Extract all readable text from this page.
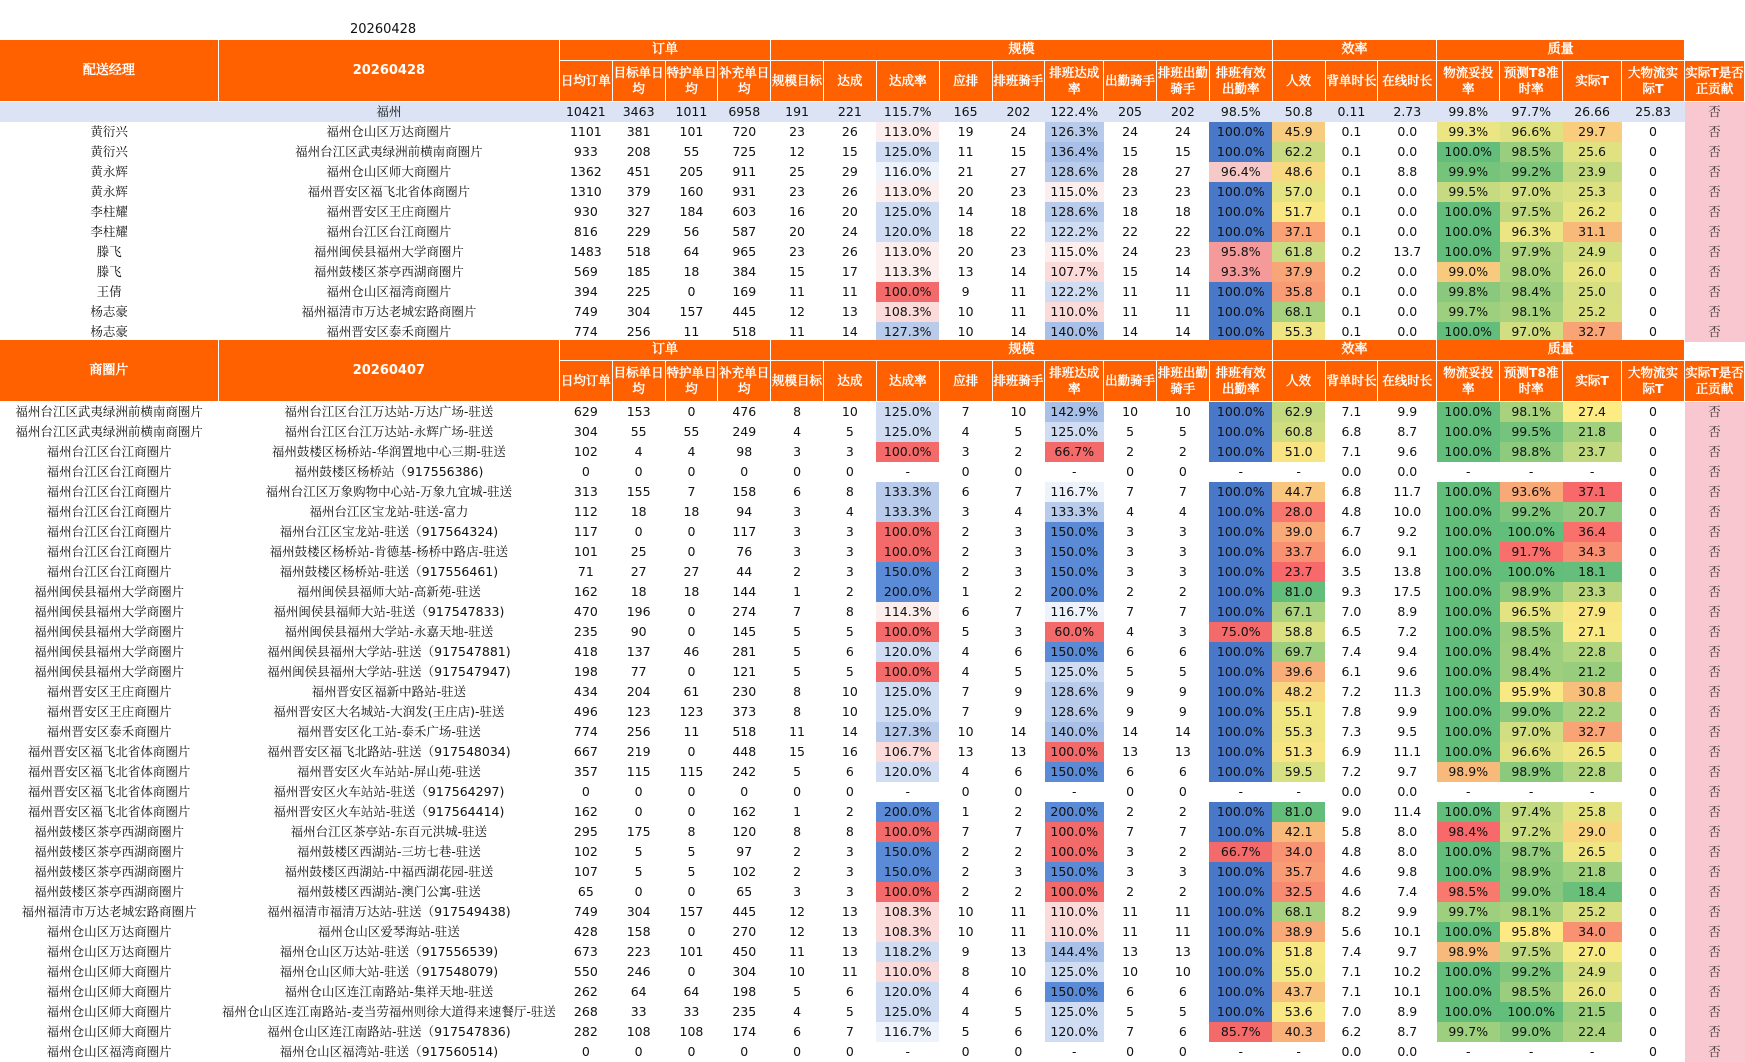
20260428
配送经理	20260428	订单				规模									效率			质量				
		日均订单	目标单日均	特护单日均	补充单日均	规模目标	达成	达成率	应排	排班骑手	排班达成率	出勤骑手	排班出勤骑手	排班有效出勤率	人效	背单时长	在线时长	物流妥投率	预测T8准时率	实际T	大物流实际T	实际T是否正贡献
	福州	10421	3463	1011	6958	191	221	115.7%	165	202	122.4%	205	202	98.5%	50.8	0.11	2.73	99.8%	97.7%	26.66	25.83	否
黄衍兴	福州仓山区万达商圈片	1101	381	101	720	23	26	113.0%	19	24	126.3%	24	24	100.0%	45.9	0.1	0.0	99.3%	96.6%	29.7	0	否
黄衍兴	福州台江区武夷绿洲前横南商圈片	933	208	55	725	12	15	125.0%	11	15	136.4%	15	15	100.0%	62.2	0.1	0.0	100.0%	98.5%	25.6	0	否
黄永辉	福州仓山区师大商圈片	1362	451	205	911	25	29	116.0%	21	27	128.6%	28	27	96.4%	48.6	0.1	8.8	99.9%	99.2%	23.9	0	否
黄永辉	福州晋安区福飞北省体商圈片	1310	379	160	931	23	26	113.0%	20	23	115.0%	23	23	100.0%	57.0	0.1	0.0	99.5%	97.0%	25.3	0	否
李柱耀	福州晋安区王庄商圈片	930	327	184	603	16	20	125.0%	14	18	128.6%	18	18	100.0%	51.7	0.1	0.0	100.0%	97.5%	26.2	0	否
李柱耀	福州台江区台江商圈片	816	229	56	587	20	24	120.0%	18	22	122.2%	22	22	100.0%	37.1	0.1	0.0	100.0%	96.3%	31.1	0	否
滕飞	福州闽侯县福州大学商圈片	1483	518	64	965	23	26	113.0%	20	23	115.0%	24	23	95.8%	61.8	0.2	13.7	100.0%	97.9%	24.9	0	否
滕飞	福州鼓楼区茶亭西湖商圈片	569	185	18	384	15	17	113.3%	13	14	107.7%	15	14	93.3%	37.9	0.2	0.0	99.0%	98.0%	26.0	0	否
王倩	福州仓山区福湾商圈片	394	225	0	169	11	11	100.0%	9	11	122.2%	11	11	100.0%	35.8	0.1	0.0	99.8%	98.4%	25.0	0	否
杨志豪	福州福清市万达老城宏路商圈片	749	304	157	445	12	13	108.3%	10	11	110.0%	11	11	100.0%	68.1	0.1	0.0	99.7%	98.1%	25.2	0	否
杨志豪	福州晋安区泰禾商圈片	774	256	11	518	11	14	127.3%	10	14	140.0%	14	14	100.0%	55.3	0.1	0.0	100.0%	97.0%	32.7	0	否
商圈片	20260407	订单				规模									效率			质量				
		日均订单	目标单日均	特护单日均	补充单日均	规模目标	达成	达成率	应排	排班骑手	排班达成率	出勤骑手	排班出勤骑手	排班有效出勤率	人效	背单时长	在线时长	物流妥投率	预测T8准时率	实际T	大物流实际T	实际T是否正贡献
福州台江区武夷绿洲前横南商圈片	福州台江区台江万达站-万达广场-驻送	629	153	0	476	8	10	125.0%	7	10	142.9%	10	10	100.0%	62.9	7.1	9.9	100.0%	98.1%	27.4	0	否
福州台江区武夷绿洲前横南商圈片	福州台江区台江万达站-永辉广场-驻送	304	55	55	249	4	5	125.0%	4	5	125.0%	5	5	100.0%	60.8	6.8	8.7	100.0%	99.5%	21.8	0	否
福州台江区台江商圈片	福州鼓楼区杨桥站-华润置地中心三期-驻送	102	4	4	98	3	3	100.0%	3	2	66.7%	2	2	100.0%	51.0	7.1	9.6	100.0%	98.8%	23.7	0	否
福州台江区台江商圈片	福州鼓楼区杨桥站（917556386)	0	0	0	0	0	0	-	0	0	-	0	0	-	-	0.0	0.0	-	-	-	0	否
福州台江区台江商圈片	福州台江区万象购物中心站-万象九宜城-驻送	313	155	7	158	6	8	133.3%	6	7	116.7%	7	7	100.0%	44.7	6.8	11.7	100.0%	93.6%	37.1	0	否
福州台江区台江商圈片	福州台江区宝龙站-驻送-富力	112	18	18	94	3	4	133.3%	3	4	133.3%	4	4	100.0%	28.0	4.8	10.0	100.0%	99.2%	20.7	0	否
福州台江区台江商圈片	福州台江区宝龙站-驻送（917564324)	117	0	0	117	3	3	100.0%	2	3	150.0%	3	3	100.0%	39.0	6.7	9.2	100.0%	100.0%	36.4	0	否
福州台江区台江商圈片	福州鼓楼区杨桥站-肯德基-杨桥中路店-驻送	101	25	0	76	3	3	100.0%	2	3	150.0%	3	3	100.0%	33.7	6.0	9.1	100.0%	91.7%	34.3	0	否
福州台江区台江商圈片	福州鼓楼区杨桥站-驻送（917556461)	71	27	27	44	2	3	150.0%	2	3	150.0%	3	3	100.0%	23.7	3.5	13.8	100.0%	100.0%	18.1	0	否
福州闽侯县福州大学商圈片	福州闽侯县福师大站-高新苑-驻送	162	18	18	144	1	2	200.0%	1	2	200.0%	2	2	100.0%	81.0	9.3	17.5	100.0%	98.9%	23.3	0	否
福州闽侯县福州大学商圈片	福州闽侯县福师大站-驻送（917547833)	470	196	0	274	7	8	114.3%	6	7	116.7%	7	7	100.0%	67.1	7.0	8.9	100.0%	96.5%	27.9	0	否
福州闽侯县福州大学商圈片	福州闽侯县福州大学站-永嘉天地-驻送	235	90	0	145	5	5	100.0%	5	3	60.0%	4	3	75.0%	58.8	6.5	7.2	100.0%	98.5%	27.1	0	否
福州闽侯县福州大学商圈片	福州闽侯县福州大学站-驻送（917547881)	418	137	46	281	5	6	120.0%	4	6	150.0%	6	6	100.0%	69.7	7.4	9.4	100.0%	98.4%	22.8	0	否
福州闽侯县福州大学商圈片	福州闽侯县福州大学站-驻送（917547947)	198	77	0	121	5	5	100.0%	4	5	125.0%	5	5	100.0%	39.6	6.1	9.6	100.0%	98.4%	21.2	0	否
福州晋安区王庄商圈片	福州晋安区福新中路站-驻送	434	204	61	230	8	10	125.0%	7	9	128.6%	9	9	100.0%	48.2	7.2	11.3	100.0%	95.9%	30.8	0	否
福州晋安区王庄商圈片	福州晋安区大名城站-大润发(王庄店)-驻送	496	123	123	373	8	10	125.0%	7	9	128.6%	9	9	100.0%	55.1	7.8	9.9	100.0%	99.0%	22.2	0	否
福州晋安区泰禾商圈片	福州晋安区化工站-泰禾广场-驻送	774	256	11	518	11	14	127.3%	10	14	140.0%	14	14	100.0%	55.3	7.3	9.5	100.0%	97.0%	32.7	0	否
福州晋安区福飞北省体商圈片	福州晋安区福飞北路站-驻送（917548034)	667	219	0	448	15	16	106.7%	13	13	100.0%	13	13	100.0%	51.3	6.9	11.1	100.0%	96.6%	26.5	0	否
福州晋安区福飞北省体商圈片	福州晋安区火车站站-屏山苑-驻送	357	115	115	242	5	6	120.0%	4	6	150.0%	6	6	100.0%	59.5	7.2	9.7	98.9%	98.9%	22.8	0	否
福州晋安区福飞北省体商圈片	福州晋安区火车站站-驻送（917564297)	0	0	0	0	0	0	-	0	0	-	0	0	-	-	0.0	0.0	-	-	-	0	否
福州晋安区福飞北省体商圈片	福州晋安区火车站站-驻送（917564414)	162	0	0	162	1	2	200.0%	1	2	200.0%	2	2	100.0%	81.0	9.0	11.4	100.0%	97.4%	25.8	0	否
福州鼓楼区茶亭西湖商圈片	福州台江区茶亭站-东百元洪城-驻送	295	175	8	120	8	8	100.0%	7	7	100.0%	7	7	100.0%	42.1	5.8	8.0	98.4%	97.2%	29.0	0	否
福州鼓楼区茶亭西湖商圈片	福州鼓楼区西湖站-三坊七巷-驻送	102	5	5	97	2	3	150.0%	2	2	100.0%	3	2	66.7%	34.0	4.8	8.0	100.0%	98.7%	26.5	0	否
福州鼓楼区茶亭西湖商圈片	福州鼓楼区西湖站-中福西湖花园-驻送	107	5	5	102	2	3	150.0%	2	3	150.0%	3	3	100.0%	35.7	4.6	9.8	100.0%	98.9%	21.8	0	否
福州鼓楼区茶亭西湖商圈片	福州鼓楼区西湖站-澳门公寓-驻送	65	0	0	65	3	3	100.0%	2	2	100.0%	2	2	100.0%	32.5	4.6	7.4	98.5%	99.0%	18.4	0	否
福州福清市万达老城宏路商圈片	福州福清市福清万达站-驻送（917549438)	749	304	157	445	12	13	108.3%	10	11	110.0%	11	11	100.0%	68.1	8.2	9.9	99.7%	98.1%	25.2	0	否
福州仓山区万达商圈片	福州仓山区爱琴海站-驻送	428	158	0	270	12	13	108.3%	10	11	110.0%	11	11	100.0%	38.9	5.6	10.1	100.0%	95.8%	34.0	0	否
福州仓山区万达商圈片	福州仓山区万达站-驻送（917556539)	673	223	101	450	11	13	118.2%	9	13	144.4%	13	13	100.0%	51.8	7.4	9.7	98.9%	97.5%	27.0	0	否
福州仓山区师大商圈片	福州仓山区师大站-驻送（917548079)	550	246	0	304	10	11	110.0%	8	10	125.0%	10	10	100.0%	55.0	7.1	10.2	100.0%	99.2%	24.9	0	否
福州仓山区师大商圈片	福州仓山区连江南路站-集祥天地-驻送	262	64	64	198	5	6	120.0%	4	6	150.0%	6	6	100.0%	43.7	7.1	10.1	100.0%	98.5%	26.0	0	否
福州仓山区师大商圈片	福州仓山区连江南路站-麦当劳福州则徐大道得来速餐厅-驻送	268	33	33	235	4	5	125.0%	4	5	125.0%	5	5	100.0%	53.6	7.0	8.9	100.0%	100.0%	21.5	0	否
福州仓山区师大商圈片	福州仓山区连江南路站-驻送（917547836)	282	108	108	174	6	7	116.7%	5	6	120.0%	7	6	85.7%	40.3	6.2	8.7	99.7%	99.0%	22.4	0	否
福州仓山区福湾商圈片	福州仓山区福湾站-驻送（917560514)	0	0	0	0	0	0	-	0	0	-	0	0	-	-	0.0	0.0	-	-	-	0	否
